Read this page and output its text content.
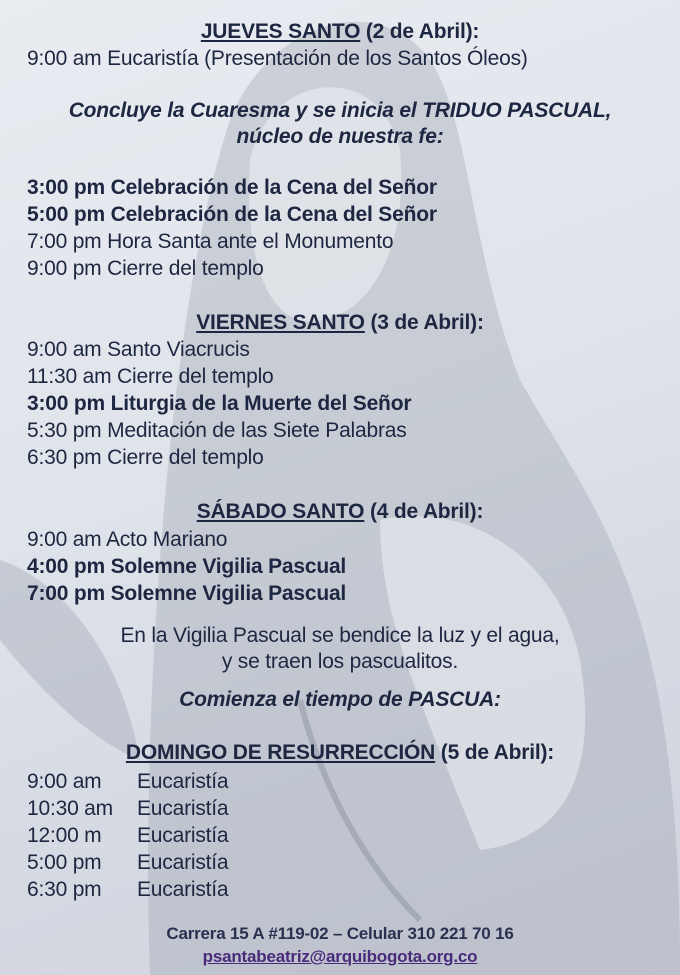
JUEVES SANTO (2 de Abril):
9:00 am Eucaristía (Presentación de los Santos Óleos)
Concluye la Cuaresma y se inicia el TRIDUO PASCUAL,
núcleo de nuestra fe:
3:00 pm Celebración de la Cena del Señor
5:00 pm Celebración de la Cena del Señor
7:00 pm Hora Santa ante el Monumento
9:00 pm Cierre del templo
VIERNES SANTO (3 de Abril):
9:00 am Santo Viacrucis
11:30 am Cierre del templo
3:00 pm Liturgia de la Muerte del Señor
5:30 pm Meditación de las Siete Palabras
6:30 pm Cierre del templo
SÁBADO SANTO (4 de Abril):
9:00 am Acto Mariano
4:00 pm Solemne Vigilia Pascual
7:00 pm Solemne Vigilia Pascual
En la Vigilia Pascual se bendice la luz y el agua,
y se traen los pascualitos.
Comienza el tiempo de PASCUA:
DOMINGO DE RESURRECCIÓN (5 de Abril):
9:00 am Eucaristía
10:30 am Eucaristía
12:00 m Eucaristía
5:00 pm Eucaristía
6:30 pm Eucaristía
Carrera 15 A #119-02 – Celular 310 221 70 16
psantabeatriz@arquibogota.org.co
